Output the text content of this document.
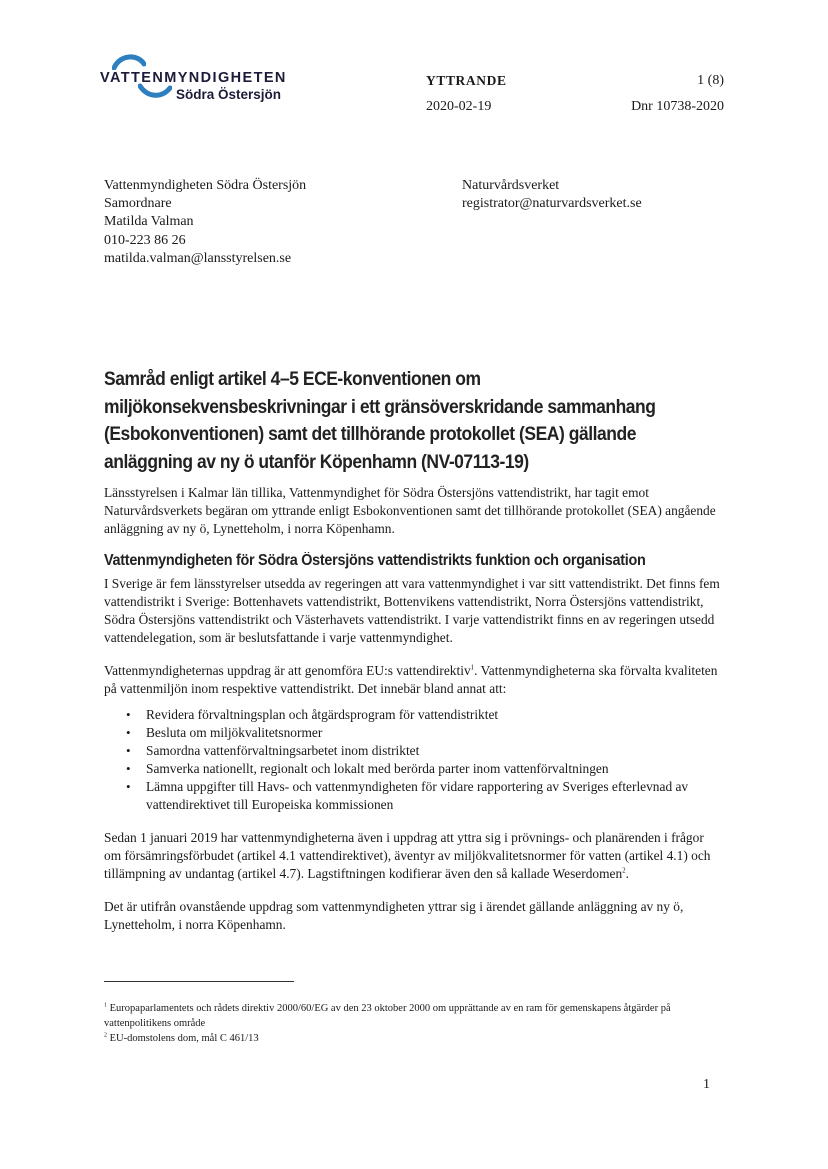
VATTENMYNDIGHETEN
Södra Östersjön
YTTRANDE	1 (8)
2020-02-19	Dnr 10738-2020
Vattenmyndigheten Södra Östersjön
Samordnare
Matilda Valman
010-223 86 26
matilda.valman@lansstyrelsen.se
Naturvårdsverket
registrator@naturvardsverket.se
Samråd enligt artikel 4–5 ECE-konventionen om
miljökonsekvensbeskrivningar i ett gränsöverskridande sammanhang
(Esbokonventionen) samt det tillhörande protokollet (SEA) gällande
anläggning av ny ö utanför Köpenhamn (NV-07113-19)

Länsstyrelsen i Kalmar län tillika, Vattenmyndighet för Södra Östersjöns vattendistrikt, har tagit emot Naturvårdsverkets begäran om yttrande enligt Esbokonventionen samt det tillhörande protokollet (SEA) angående anläggning av ny ö, Lynetteholm, i norra Köpenhamn.

Vattenmyndigheten för Södra Östersjöns vattendistrikts funktion och organisation

I Sverige är fem länsstyrelser utsedda av regeringen att vara vattenmyndighet i var sitt vattendistrikt. Det finns fem vattendistrikt i Sverige: Bottenhavets vattendistrikt, Bottenvikens vattendistrikt, Norra Östersjöns vattendistrikt, Södra Östersjöns vattendistrikt och Västerhavets vattendistrikt. I varje vattendistrikt finns en av regeringen utsedd vattendelegation, som är beslutsfattande i varje vattenmyndighet.

Vattenmyndigheternas uppdrag är att genomföra EU:s vattendirektiv$^1$. Vattenmyndigheterna ska förvalta kvaliteten på vattenmiljön inom respektive vattendistrikt. Det innebär bland annat att:

• Revidera förvaltningsplan och åtgärdsprogram för vattendistriktet
• Besluta om miljökvalitetsnormer
• Samordna vattenförvaltningsarbetet inom distriktet
• Samverka nationellt, regionalt och lokalt med berörda parter inom vattenförvaltningen
• Lämna uppgifter till Havs- och vattenmyndigheten för vidare rapportering av Sveriges efterlevnad av vattendirektivet till Europeiska kommissionen

Sedan 1 januari 2019 har vattenmyndigheterna även i uppdrag att yttra sig i prövnings- och planärenden i frågor om försämringsförbudet (artikel 4.1 vattendirektivet), äventyr av miljökvalitetsnormer för vatten (artikel 4.1) och tillämpning av undantag (artikel 4.7). Lagstiftningen kodifierar även den så kallade Weserdomen$^2$.

Det är utifrån ovanstående uppdrag som vattenmyndigheten yttrar sig i ärendet gällande anläggning av ny ö, Lynetteholm, i norra Köpenhamn.

$^1$ Europaparlamentets och rådets direktiv 2000/60/EG av den 23 oktober 2000 om upprättande av en ram för gemenskapens åtgärder på vattenpolitikens område

$^2$ EU-domstolens dom, mål C 461/13

1
